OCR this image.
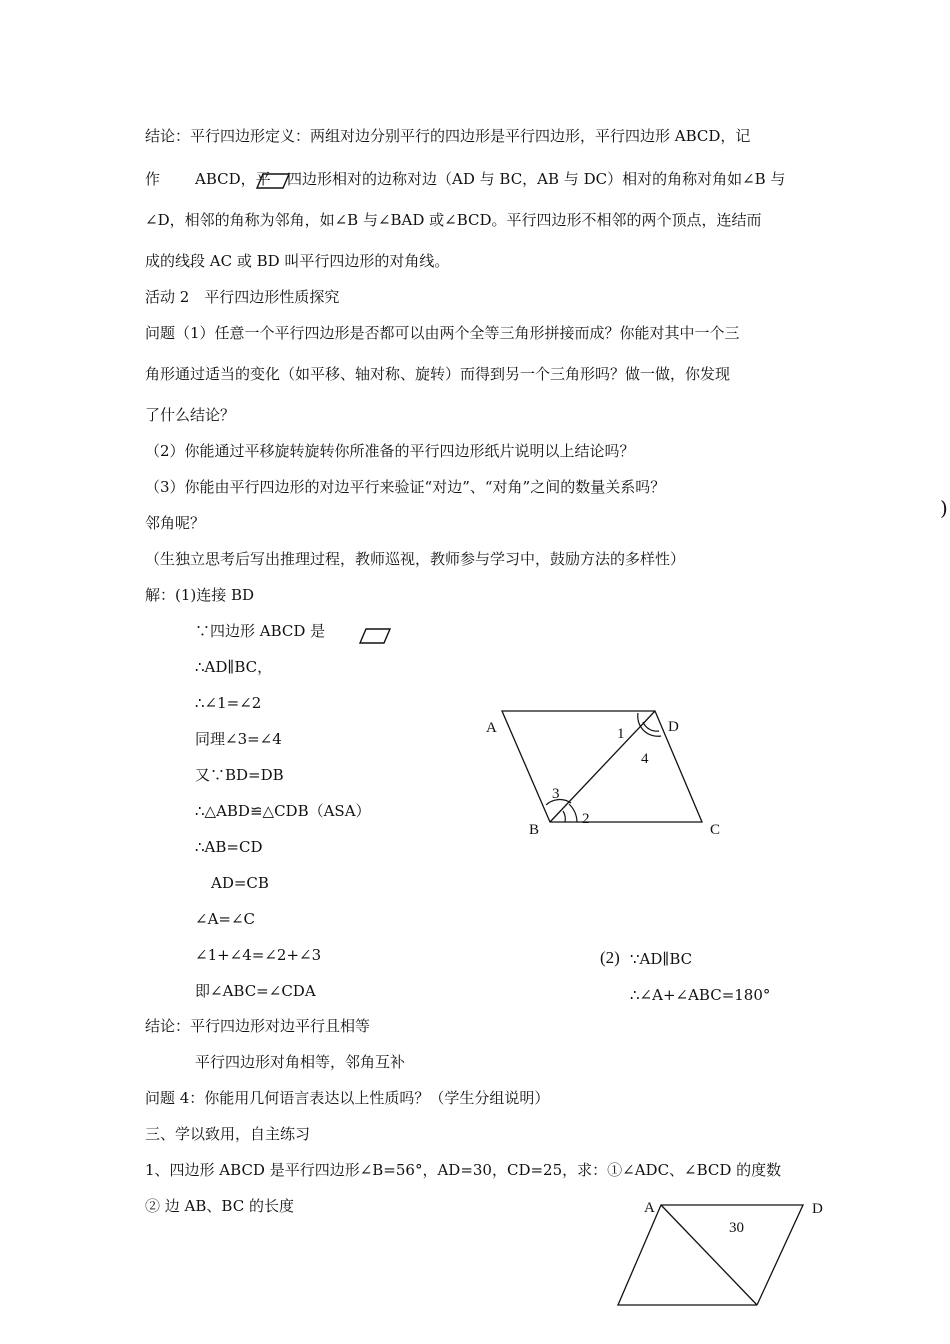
结论：平行四边形定义：两组对边分别平行的四边形是平行四边形，平行四边形 ABCD，记
作 ABCD，平 四边形相对的边称对边（AD 与 BC，AB 与 DC）相对的角称对角如∠B 与
∠D，相邻的角称为邻角，如∠B 与∠BAD 或∠BCD。平行四边形不相邻的两个顶点，连结而
成的线段 AC 或 BD 叫平行四边形的对角线。
活动 2　平行四边形性质探究
问题（1）任意一个平行四边形是否都可以由两个全等三角形拼接而成？你能对其中一个三
角形通过适当的变化（如平移、轴对称、旋转）而得到另一个三角形吗？做一做，你发现
了什么结论？
（2）你能通过平移旋转旋转你所准备的平行四边形纸片说明以上结论吗？
（3）你能由平行四边形的对边平行来验证“对边”、“对角”之间的数量关系吗？
)
邻角呢？
（生独立思考后写出推理过程，教师巡视，教师参与学习中，鼓励方法的多样性）
解：(1)连接 BD
∵四边形 ABCD 是
∴AD∥BC，
∴∠1=∠2
同理∠3=∠4
又∵BD=DB
∴△ABD≌△CDB（ASA）
∴AB=CD
AD=CB
∠A=∠C
∠1+∠4=∠2+∠3
即∠ABC=∠CDA
(2) ∵AD∥BC
∴∠A+∠ABC=180°
A	D
B	C
1
4
3
2
结论：平行四边形对边平行且相等
平行四边形对角相等，邻角互补
问题 4：你能用几何语言表达以上性质吗？（学生分组说明）
三、学以致用，自主练习
1、四边形 ABCD 是平行四边形∠B=56°，AD=30，CD=25，求：①∠ADC、∠BCD 的度数
② 边 AB、BC 的长度	A	D
30
